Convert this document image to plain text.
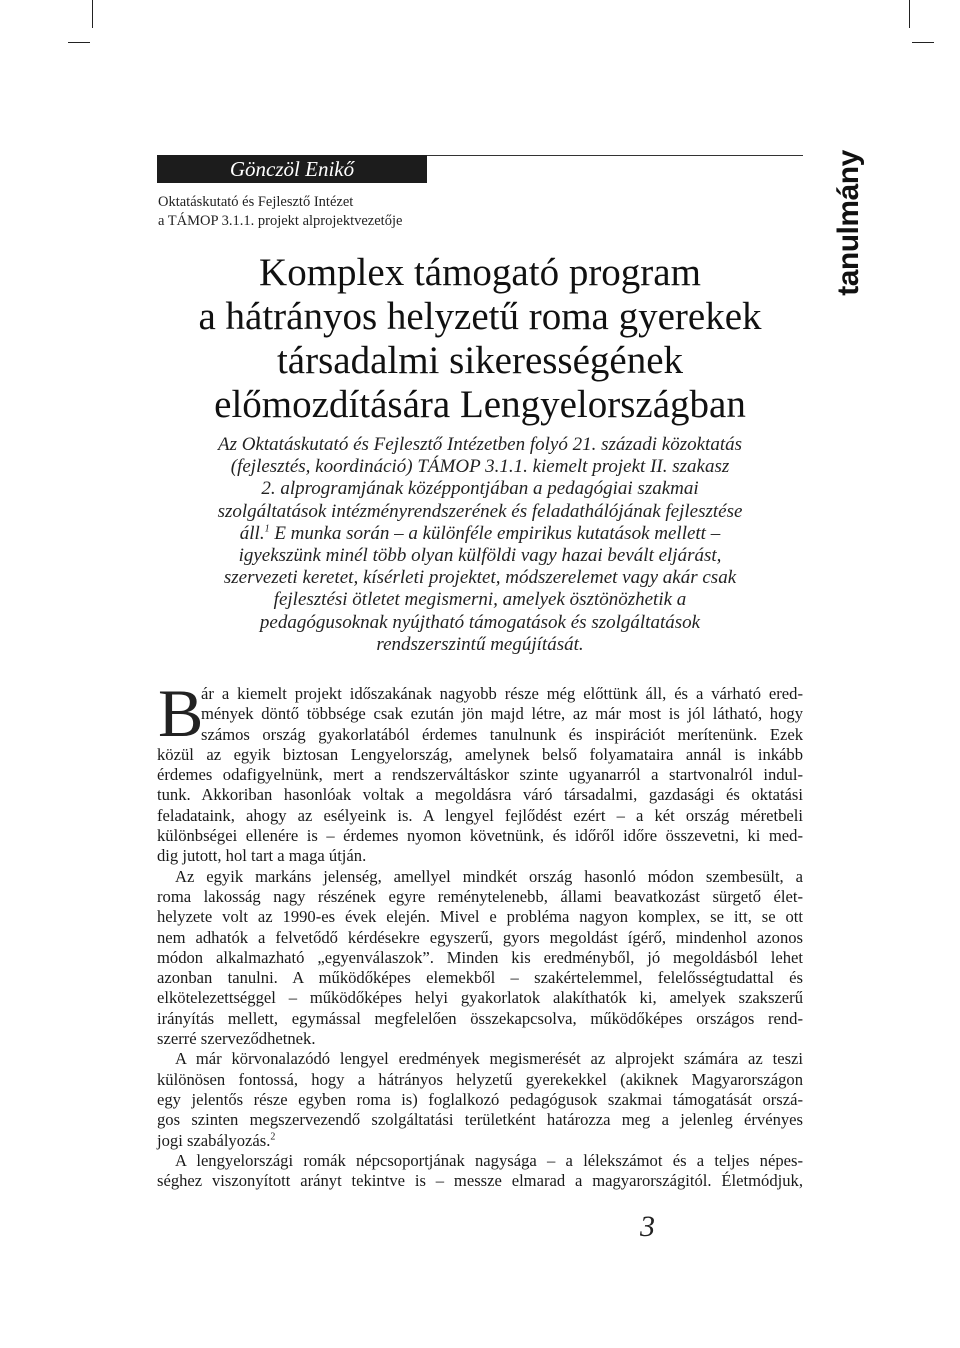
Gönczöl Enikő
Oktatáskutató és Fejlesztő Intézet
a TÁMOP 3.1.1. projekt alprojektvezetője	tanulmány
Komplex támogató program
a hátrányos helyzetű roma gyerekek
társadalmi sikerességének
előmozdítására Lengyelországban
Az Oktatáskutató és Fejlesztő Intézetben folyó 21. századi közoktatás
(fejlesztés, koordináció) TÁMOP 3.1.1. kiemelt projekt II. szakasz
2. alprogramjának középpontjában a pedagógiai szakmai
szolgáltatások intézményrendszerének és feladathálójának fejlesztése
áll.$^1$ E munka során – a különféle empirikus kutatások mellett –
igyekszünk minél több olyan külföldi vagy hazai bevált eljárást,
szervezeti keretet, kísérleti projektet, módszerelemet vagy akár csak
fejlesztési ötletet megismerni, amelyek ösztönözhetik a
pedagógusoknak nyújtható támogatások és szolgáltatások
rendszerszintű megújítását.
B
ár a kiemelt projekt időszakának nagyobb része még előttünk áll, és a várható ered-
mények döntő többsége csak ezután jön majd létre, az már most is jól látható, hogy
számos ország gyakorlatából érdemes tanulnunk és inspirációt merítenünk. Ezek
közül az egyik biztosan Lengyelország, amelynek belső folyamataira annál is inkább
érdemes odafigyelnünk, mert a rendszerváltáskor szinte ugyanarról a startvonalról indul-
tunk. Akkoriban hasonlóak voltak a megoldásra váró társadalmi, gazdasági és oktatási
feladataink, ahogy az esélyeink is. A lengyel fejlődést ezért – a két ország méretbeli
különbségei ellenére is – érdemes nyomon követnünk, és időről időre összevetni, ki med-
dig jutott, hol tart a maga útján.
Az egyik markáns jelenség, amellyel mindkét ország hasonló módon szembesült, a
roma lakosság nagy részének egyre reménytelenebb, állami beavatkozást sürgető élet-
helyzete volt az 1990-es évek elején. Mivel e probléma nagyon komplex, se itt, se ott
nem adhatók a felvetődő kérdésekre egyszerű, gyors megoldást ígérő, mindenhol azonos
módon alkalmazható „egyenválaszok”. Minden kis eredményből, jó megoldásból lehet
azonban tanulni. A működőképes elemekből – szakértelemmel, felelősségtudattal és
elkötelezettséggel – működőképes helyi gyakorlatok alakíthatók ki, amelyek szakszerű
irányítás mellett, egymással megfelelően összekapcsolva, működőképes országos rend-
szerré szerveződhetnek.
A már körvonalazódó lengyel eredmények megismerését az alprojekt számára az teszi
különösen fontossá, hogy a hátrányos helyzetű gyerekekkel (akiknek Magyarországon
egy jelentős része egyben roma is) foglalkozó pedagógusok szakmai támogatását orszá-
gos szinten megszervezendő szolgáltatási területként határozza meg a jelenleg érvényes
jogi szabályozás.$^2$
A lengyelországi romák népcsoportjának nagysága – a lélekszámot és a teljes népes-
séghez viszonyított arányt tekintve is – messze elmarad a magyarországitól. Életmódjuk,
3
